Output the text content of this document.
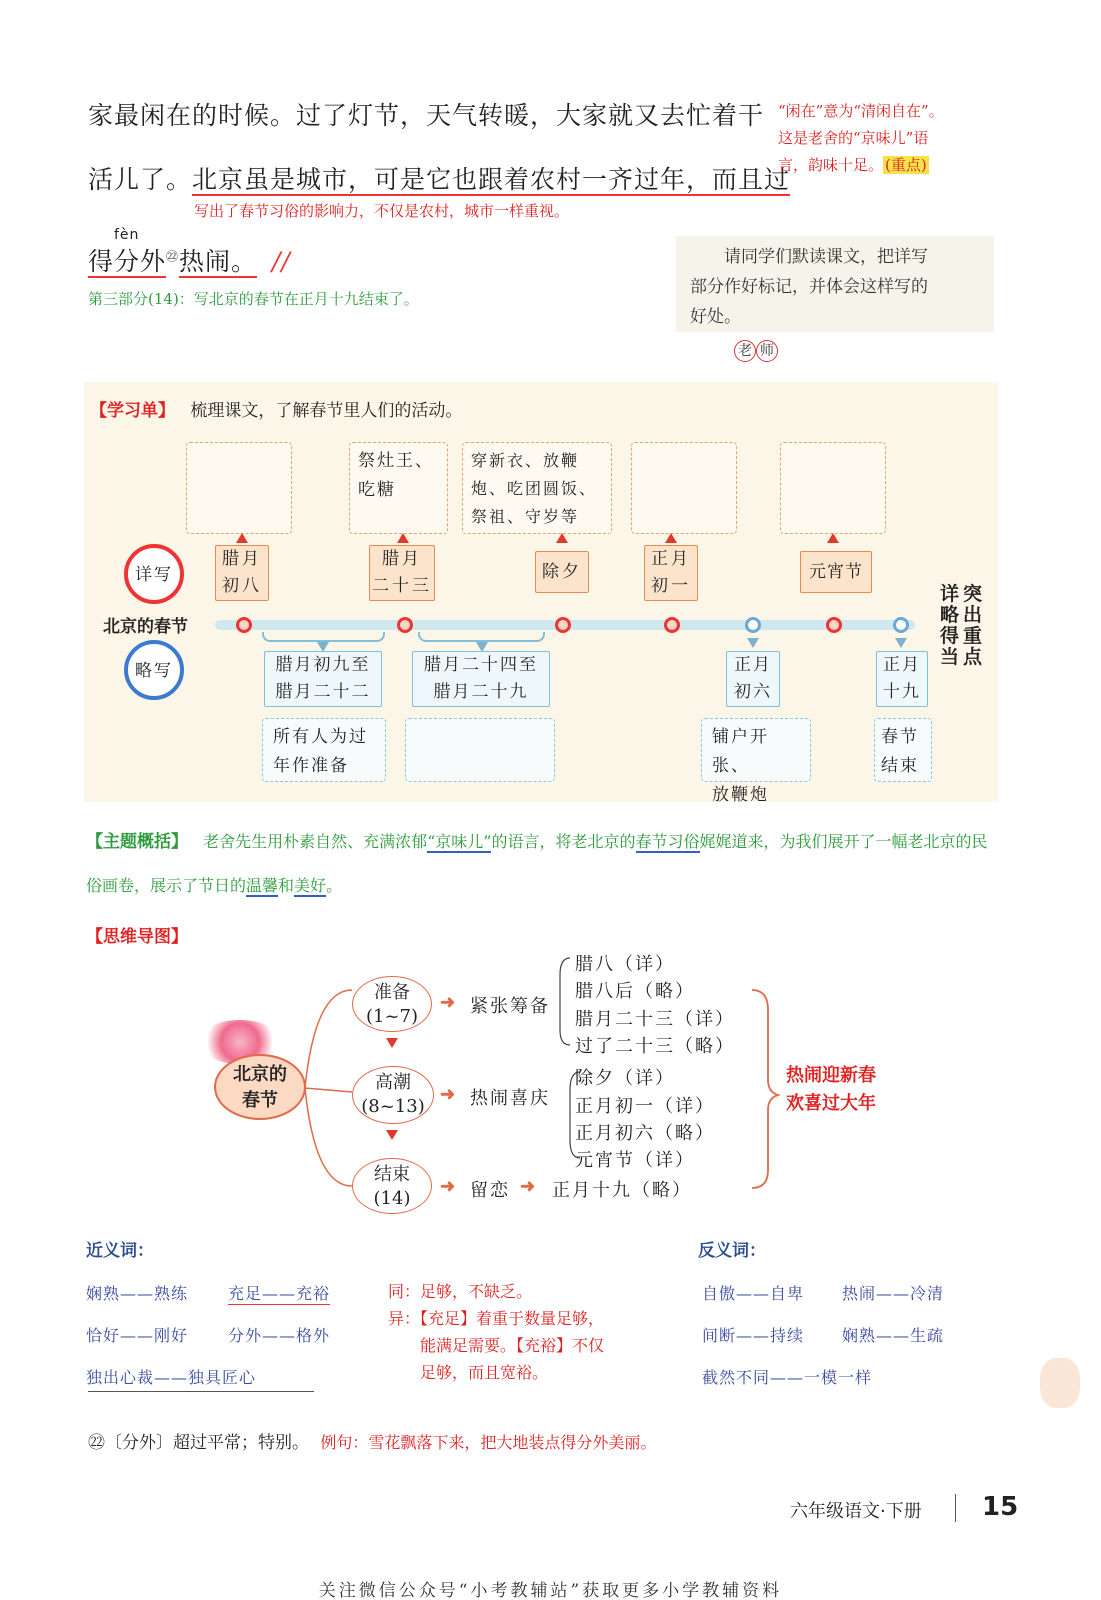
家最闲在的时候。过了灯节，天气转暖，大家就又去忙着干
活儿了。北京虽是城市，可是它也跟着农村一齐过年，而且过
写出了春节习俗的影响力，不仅是农村，城市一样重视。
得分外
fèn
$^㉒$热闹。 //
第三部分(14)：写北京的春节在正月十九结束了。
“闲在”意为“清闲自在”。
这是老舍的“京味儿”语
言，韵味十足。 (重点)
请同学们默读课文，把详写
部分作好标记，并体会这样写的
好处。
老 师
【学习单】 梳理课文，了解春节里人们的活动。
祭灶王、
吃糖
穿新衣、放鞭
炮、吃团圆饭、
祭祖、守岁等
腊月
初八
腊月
二十三
除夕
正月
初一
元宵节
详写
略写
北京的春节
详略得当
突出重点
腊月初九至
腊月二十二
腊月二十四至
腊月二十九
正月
初六
正月
十九
所有人为过
年作准备
铺户开张、
放鞭炮
春节
结束
【主题概括】 老舍先生用朴素自然、充满浓郁“京味儿”的语言，将老北京的春节习俗娓娓道来，为我们展开了一幅老北京的民俗画卷，展示了节日的温馨和美好。
【思维导图】
北京的
春节
准备
(1~7)
高潮
(8~13)
结束
(14)
➜ 紧张筹备
➜ 热闹喜庆
➜ 留恋 ➜ 正月十九（略）
腊八（详）
腊八后（略）
腊月二十三（详）
过了二十三（略）
除夕（详）
正月初一（详）
正月初六（略）
元宵节（详）
热闹迎新春
欢喜过大年
近义词：	反义词：
娴熟——熟练 充足——充裕
恰好——刚好 分外——格外
独出心裁——独具匠心
同：足够，不缺乏。
异：【充足】着重于数量足够，
能满足需要。【充裕】不仅
足够，而且宽裕。
自傲——自卑 热闹——冷清
间断——持续 娴熟——生疏
截然不同——一模一样
㉒〔分外〕超过平常；特别。 例句：雪花飘落下来，把大地装点得分外美丽。
六年级语文·下册 15
关注微信公众号“小考教辅站”获取更多小学教辅资料
